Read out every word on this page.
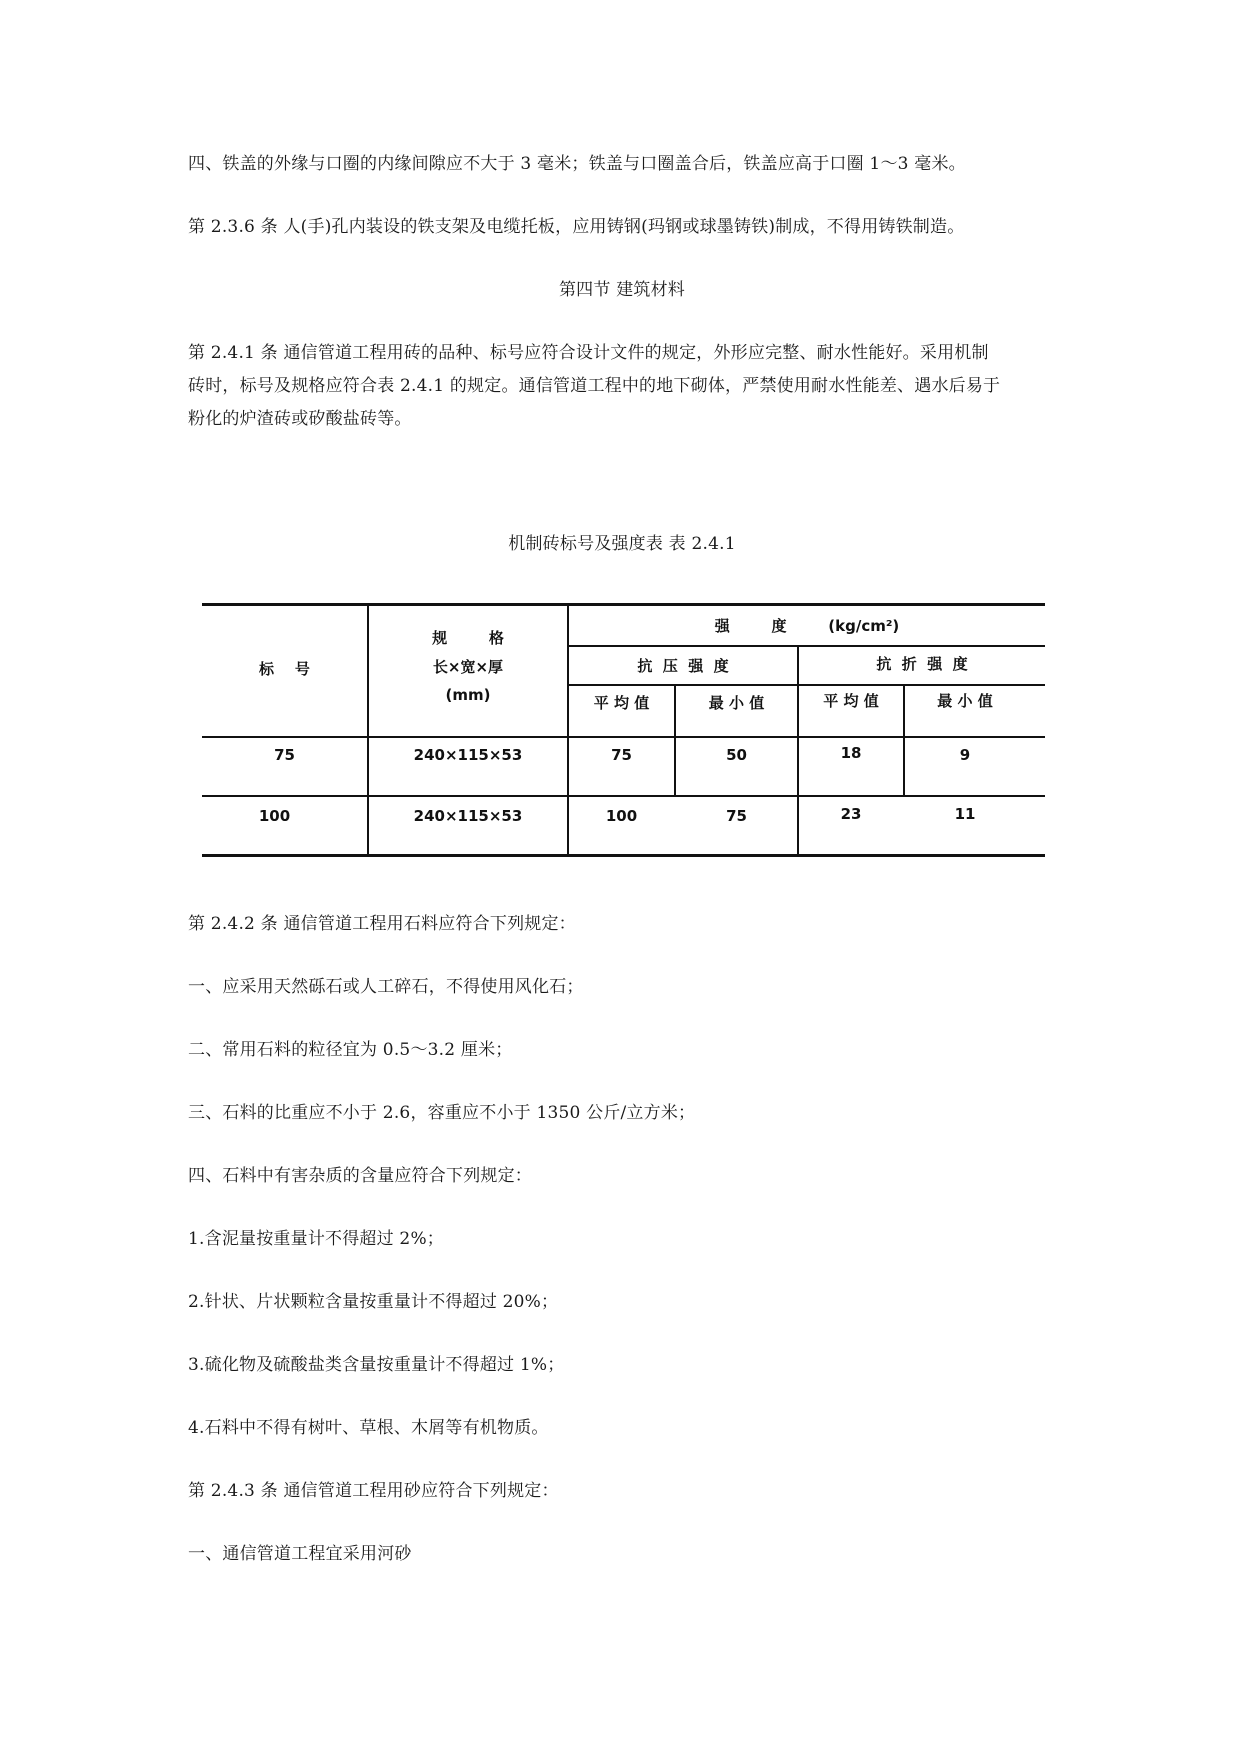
四、铁盖的外缘与口圈的内缘间隙应不大于 3 毫米；铁盖与口圈盖合后，铁盖应高于口圈 1～3 毫米。

第 2.3.6 条 人(手)孔内装设的铁支架及电缆托板，应用铸钢(玛钢或球墨铸铁)制成，不得用铸铁制造。

第四节 建筑材料

第 2.4.1 条 通信管道工程用砖的品种、标号应符合设计文件的规定，外形应完整、耐水性能好。采用机制

砖时，标号及规格应符合表 2.4.1 的规定。通信管道工程中的地下砌体，严禁使用耐水性能差、遇水后易于

粉化的炉渣砖或矽酸盐砖等。

机制砖标号及强度表 表 2.4.1

标    号
规        格
长×宽×厚
(mm)
强        度        (kg/cm²)
抗  压  强  度	抗  折  强  度
平 均 值	最 小 值	平 均 值	最 小 值
75	240×115×53	75	50	18	9
100	240×115×53	100	75	23	11

第 2.4.2 条 通信管道工程用石料应符合下列规定：

一、应采用天然砾石或人工碎石，不得使用风化石；

二、常用石料的粒径宜为 0.5～3.2 厘米；

三、石料的比重应不小于 2.6，容重应不小于 1350 公斤/立方米；

四、石料中有害杂质的含量应符合下列规定：

1.含泥量按重量计不得超过 2%；

2.针状、片状颗粒含量按重量计不得超过 20%；

3.硫化物及硫酸盐类含量按重量计不得超过 1%；

4.石料中不得有树叶、草根、木屑等有机物质。

第 2.4.3 条 通信管道工程用砂应符合下列规定：

一、通信管道工程宜采用河砂
